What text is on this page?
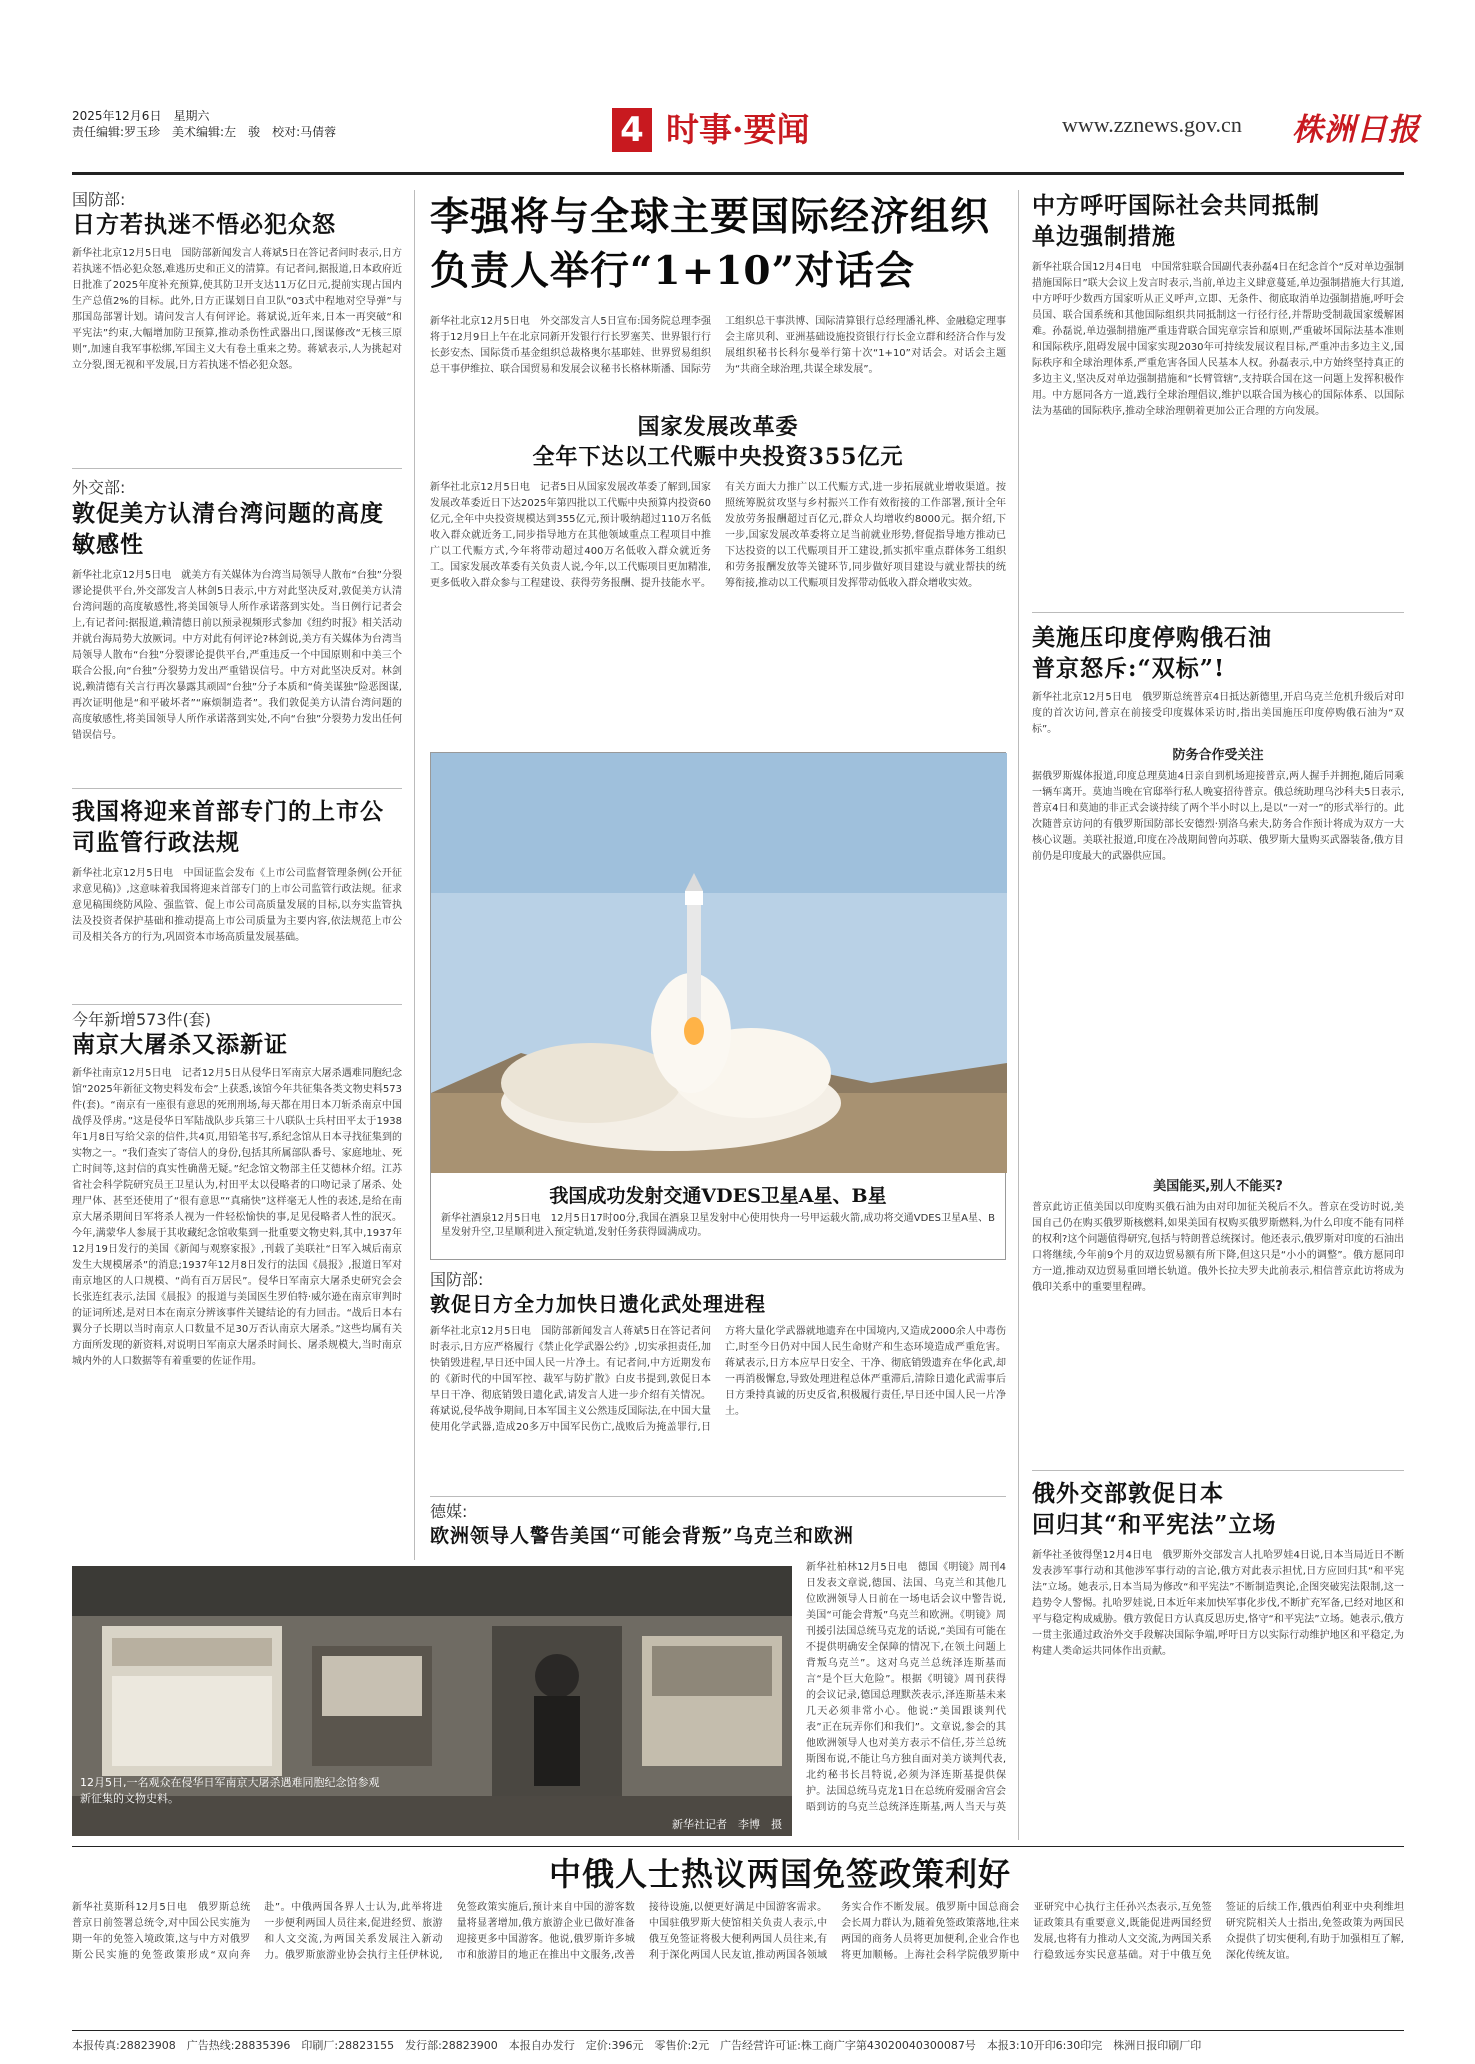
2025年12月6日　星期六
责任编辑:罗玉珍　美术编辑:左　骏　校对:马倩蓉	4 时事·要闻	www.zznews.gov.cn 株洲日报
国防部:
日方若执迷不悟必犯众怒
新华社北京12月5日电　国防部新闻发言人蒋斌5日在答记者问时表示,日方若执迷不悟必犯众怒,难逃历史和正义的清算。有记者问,据报道,日本政府近日批准了2025年度补充预算,使其防卫开支达11万亿日元,提前实现占国内生产总值2%的目标。此外,日方正谋划日自卫队“03式中程地对空导弹”与那国岛部署计划。请问发言人有何评论。蒋斌说,近年来,日本一再突破“和平宪法”约束,大幅增加防卫预算,推动杀伤性武器出口,图谋修改“无核三原则”,加速自我军事松绑,军国主义大有卷土重来之势。蒋斌表示,人为挑起对立分裂,图无视和平发展,日方若执迷不悟必犯众怒。
外交部:
敦促美方认清台湾问题的高度敏感性
新华社北京12月5日电　就美方有关媒体为台湾当局领导人散布“台独”分裂谬论提供平台,外交部发言人林剑5日表示,中方对此坚决反对,敦促美方认清台湾问题的高度敏感性,将美国领导人所作承诺落到实处。当日例行记者会上,有记者问:据报道,赖清德日前以预录视频形式参加《纽约时报》相关活动并就台海局势大放厥词。中方对此有何评论?林剑说,美方有关媒体为台湾当局领导人散布“台独”分裂谬论提供平台,严重违反一个中国原则和中美三个联合公报,向“台独”分裂势力发出严重错误信号。中方对此坚决反对。林剑说,赖清德有关言行再次暴露其顽固“台独”分子本质和“倚美谋独”险恶图谋,再次证明他是“和平破坏者”“麻烦制造者”。我们敦促美方认清台湾问题的高度敏感性,将美国领导人所作承诺落到实处,不向“台独”分裂势力发出任何错误信号。
我国将迎来首部专门的上市公司监管行政法规
新华社北京12月5日电　中国证监会发布《上市公司监督管理条例(公开征求意见稿)》,这意味着我国将迎来首部专门的上市公司监管行政法规。征求意见稿围绕防风险、强监管、促上市公司高质量发展的目标,以夯实监管执法及投资者保护基础和推动提高上市公司质量为主要内容,依法规范上市公司及相关各方的行为,巩固资本市场高质量发展基础。
今年新增573件(套)
南京大屠杀又添新证
新华社南京12月5日电　记者12月5日从侵华日军南京大屠杀遇难同胞纪念馆“2025年新征文物史料发布会”上获悉,该馆今年共征集各类文物史料573件(套)。“南京有一座很有意思的死刑刑场,每天都在用日本刀斩杀南京中国战俘及俘虏。”这是侵华日军陆战队步兵第三十八联队士兵村田平太于1938年1月8日写给父亲的信件,共4页,用铅笔书写,系纪念馆从日本寻找征集到的实物之一。“我们查实了寄信人的身份,包括其所属部队番号、家庭地址、死亡时间等,这封信的真实性确凿无疑。”纪念馆文物部主任艾德林介绍。江苏省社会科学院研究员王卫星认为,村田平太以侵略者的口吻记录了屠杀、处理尸体、甚至还使用了“很有意思”“真痛快”这样毫无人性的表述,是给在南京大屠杀期间日军将杀人视为一件轻松愉快的事,足见侵略者人性的泯灭。今年,满蒙华人参展于其收藏纪念馆收集到一批重要文物史料,其中,1937年12月19日发行的美国《新闻与观察家报》,刊载了美联社“日军入城后南京发生大规模屠杀”的消息;1937年12月8日发行的法国《晨报》,报道日军对南京地区的人口规模、“尚有百万居民”。侵华日军南京大屠杀史研究会会长张连红表示,法国《晨报》的报道与美国医生罗伯特·威尔逊在南京审判时的证词所述,是对日本在南京分辨该事件关键结论的有力回击。“战后日本右翼分子长期以当时南京人口数量不足30万否认南京大屠杀。”这些均属有关方面所发现的新资料,对说明日军南京大屠杀时间长、屠杀规模大,当时南京城内外的人口数据等有着重要的佐证作用。
12月5日,一名观众在侵华日军南京大屠杀遇难同胞纪念馆参观新征集的文物史料。
新华社记者　李博　摄
李强将与全球主要国际经济组织
负责人举行“1+10”对话会
新华社北京12月5日电　外交部发言人5日宣布:国务院总理李强将于12月9日上午在北京同新开发银行行长罗塞芙、世界银行行长彭安杰、国际货币基金组织总裁格奥尔基耶娃、世界贸易组织总干事伊维拉、联合国贸易和发展会议秘书长格林斯潘、国际劳工组织总干事洪博、国际清算银行总经理潘礼桦、金融稳定理事会主席贝利、亚洲基础设施投资银行行长金立群和经济合作与发展组织秘书长科尔曼举行第十次“1+10”对话会。对话会主题为“共商全球治理,共谋全球发展”。
国家发展改革委
全年下达以工代赈中央投资355亿元
新华社北京12月5日电　记者5日从国家发展改革委了解到,国家发展改革委近日下达2025年第四批以工代赈中央预算内投资60亿元,全年中央投资规模达到355亿元,预计吸纳超过110万名低收入群众就近务工,同步指导地方在其他领域重点工程项目中推广以工代赈方式,今年将带动超过400万名低收入群众就近务工。国家发展改革委有关负责人说,今年,以工代赈项目更加精准,更多低收入群众参与工程建设、获得劳务报酬、提升技能水平。有关方面大力推广以工代赈方式,进一步拓展就业增收渠道。按照统筹脱贫攻坚与乡村振兴工作有效衔接的工作部署,预计全年发放劳务报酬超过百亿元,群众人均增收约8000元。据介绍,下一步,国家发展改革委将立足当前就业形势,督促指导地方推动已下达投资的以工代赈项目开工建设,抓实抓牢重点群体务工组织和劳务报酬发放等关键环节,同步做好项目建设与就业帮扶的统筹衔接,推动以工代赈项目发挥带动低收入群众增收实效。
我国成功发射交通VDES卫星A星、B星
新华社酒泉12月5日电　12月5日17时00分,我国在酒泉卫星发射中心使用快舟一号甲运载火箭,成功将交通VDES卫星A星、B星发射升空,卫星顺利进入预定轨道,发射任务获得圆满成功。
国防部:
敦促日方全力加快日遗化武处理进程
新华社北京12月5日电　国防部新闻发言人蒋斌5日在答记者问时表示,日方应严格履行《禁止化学武器公约》,切实承担责任,加快销毁进程,早日还中国人民一片净土。有记者问,中方近期发布的《新时代的中国军控、裁军与防扩散》白皮书提到,敦促日本早日干净、彻底销毁日遗化武,请发言人进一步介绍有关情况。蒋斌说,侵华战争期间,日本军国主义公然违反国际法,在中国大量使用化学武器,造成20多万中国军民伤亡,战败后为掩盖罪行,日方将大量化学武器就地遗弃在中国境内,又造成2000余人中毒伤亡,时至今日仍对中国人民生命财产和生态环境造成严重危害。蒋斌表示,日方本应早日安全、干净、彻底销毁遗弃在华化武,却一再消极懈怠,导致处理进程总体严重滞后,清除日遗化武需事后日方秉持真诚的历史反省,积极履行责任,早日还中国人民一片净土。
德媒:
欧洲领导人警告美国“可能会背叛”乌克兰和欧洲
新华社柏林12月5日电　德国《明镜》周刊4日发表文章说,德国、法国、乌克兰和其他几位欧洲领导人日前在一场电话会议中警告说,美国“可能会背叛”乌克兰和欧洲。《明镜》周刊援引法国总统马克龙的话说,“美国有可能在不提供明确安全保障的情况下,在领土问题上背叛乌克兰”。这对乌克兰总统泽连斯基而言“是个巨大危险”。根据《明镜》周刊获得的会议记录,德国总理默茨表示,泽连斯基未来几天必须非常小心。他说:“美国跟谈判代表”正在玩弄你们和我们”。文章说,参会的其他欧洲领导人也对美方表示不信任,芬兰总统斯图布说,不能让乌方独自面对美方谈判代表,北约秘书长吕特说,必须为泽连斯基提供保护。法国总统马克龙1日在总统府爱丽舍宫会晤到访的乌克兰总统泽连斯基,两人当天与英
中方呼吁国际社会共同抵制
单边强制措施
新华社联合国12月4日电　中国常驻联合国副代表孙磊4日在纪念首个“反对单边强制措施国际日”联大会议上发言时表示,当前,单边主义肆意蔓延,单边强制措施大行其道,中方呼吁少数西方国家听从正义呼声,立即、无条件、彻底取消单边强制措施,呼吁会员国、联合国系统和其他国际组织共同抵制这一行径行径,并帮助受制裁国家缓解困难。孙磊说,单边强制措施严重违背联合国宪章宗旨和原则,严重破坏国际法基本准则和国际秩序,阻碍发展中国家实现2030年可持续发展议程目标,严重冲击多边主义,国际秩序和全球治理体系,严重危害各国人民基本人权。孙磊表示,中方始终坚持真正的多边主义,坚决反对单边强制措施和“长臂管辖”,支持联合国在这一问题上发挥积极作用。中方愿同各方一道,践行全球治理倡议,维护以联合国为核心的国际体系、以国际法为基础的国际秩序,推动全球治理朝着更加公正合理的方向发展。
美施压印度停购俄石油
普京怒斥:“双标”!
新华社北京12月5日电　俄罗斯总统普京4日抵达新德里,开启乌克兰危机升级后对印度的首次访问,普京在前接受印度媒体采访时,指出美国施压印度停购俄石油为“双标”。
防务合作受关注
据俄罗斯媒体报道,印度总理莫迪4日亲自到机场迎接普京,两人握手并拥抱,随后同乘一辆车离开。莫迪当晚在官邸举行私人晚宴招待普京。俄总统助理乌沙科夫5日表示,普京4日和莫迪的非正式会谈持续了两个半小时以上,是以“一对一”的形式举行的。此次随普京访问的有俄罗斯国防部长安德烈·别洛乌索夫,防务合作预计将成为双方一大核心议题。美联社报道,印度在冷战期间曾向苏联、俄罗斯大量购买武器装备,俄方目前仍是印度最大的武器供应国。
美国能买,别人不能买?
普京此访正值美国以印度购买俄石油为由对印加征关税后不久。普京在受访时说,美国自己仍在购买俄罗斯核燃料,如果美国有权购买俄罗斯燃料,为什么印度不能有同样的权利?这个问题值得研究,包括与特朗普总统探讨。他还表示,俄罗斯对印度的石油出口将继续,今年前9个月的双边贸易额有所下降,但这只是“小小的调整”。俄方愿同印方一道,推动双边贸易重回增长轨道。俄外长拉夫罗夫此前表示,相信普京此访将成为俄印关系中的重要里程碑。
俄外交部敦促日本
回归其“和平宪法”立场
新华社圣彼得堡12月4日电　俄罗斯外交部发言人扎哈罗娃4日说,日本当局近日不断发表涉军事行动和其他涉军事行动的言论,俄方对此表示担忧,日方应回归其“和平宪法”立场。她表示,日本当局为修改“和平宪法”不断制造舆论,企图突破宪法限制,这一趋势令人警惕。扎哈罗娃说,日本近年来加快军事化步伐,不断扩充军备,已经对地区和平与稳定构成威胁。俄方敦促日方认真反思历史,恪守“和平宪法”立场。她表示,俄方一贯主张通过政治外交手段解决国际争端,呼吁日方以实际行动维护地区和平稳定,为构建人类命运共同体作出贡献。
中俄人士热议两国免签政策利好
新华社莫斯科12月5日电　俄罗斯总统普京日前签署总统令,对中国公民实施为期一年的免签入境政策,这与中方对俄罗斯公民实施的免签政策形成“双向奔赴”。中俄两国各界人士认为,此举将进一步便利两国人员往来,促进经贸、旅游和人文交流,为两国关系发展注入新动力。俄罗斯旅游业协会执行主任伊林说,免签政策实施后,预计来自中国的游客数量将显著增加,俄方旅游企业已做好准备迎接更多中国游客。他说,俄罗斯许多城市和旅游目的地正在推出中文服务,改善接待设施,以便更好满足中国游客需求。中国驻俄罗斯大使馆相关负责人表示,中俄互免签证将极大便利两国人员往来,有利于深化两国人民友谊,推动两国各领域务实合作不断发展。俄罗斯中国总商会会长周力群认为,随着免签政策落地,往来两国的商务人员将更加便利,企业合作也将更加顺畅。上海社会科学院俄罗斯中亚研究中心执行主任孙兴杰表示,互免签证政策具有重要意义,既能促进两国经贸发展,也将有力推动人文交流,为两国关系行稳致远夯实民意基础。对于中俄互免签证的后续工作,俄西伯利亚中央利维坦研究院相关人士指出,免签政策为两国民众提供了切实便利,有助于加强相互了解,深化传统友谊。
本报传真:28823908　广告热线:28835396　印刷厂:28823155　发行部:28823900　本报自办发行　定价:396元　零售价:2元　广告经营许可证:株工商广字第43020040300087号　本报3:10开印6:30印完　株洲日报印刷厂印
